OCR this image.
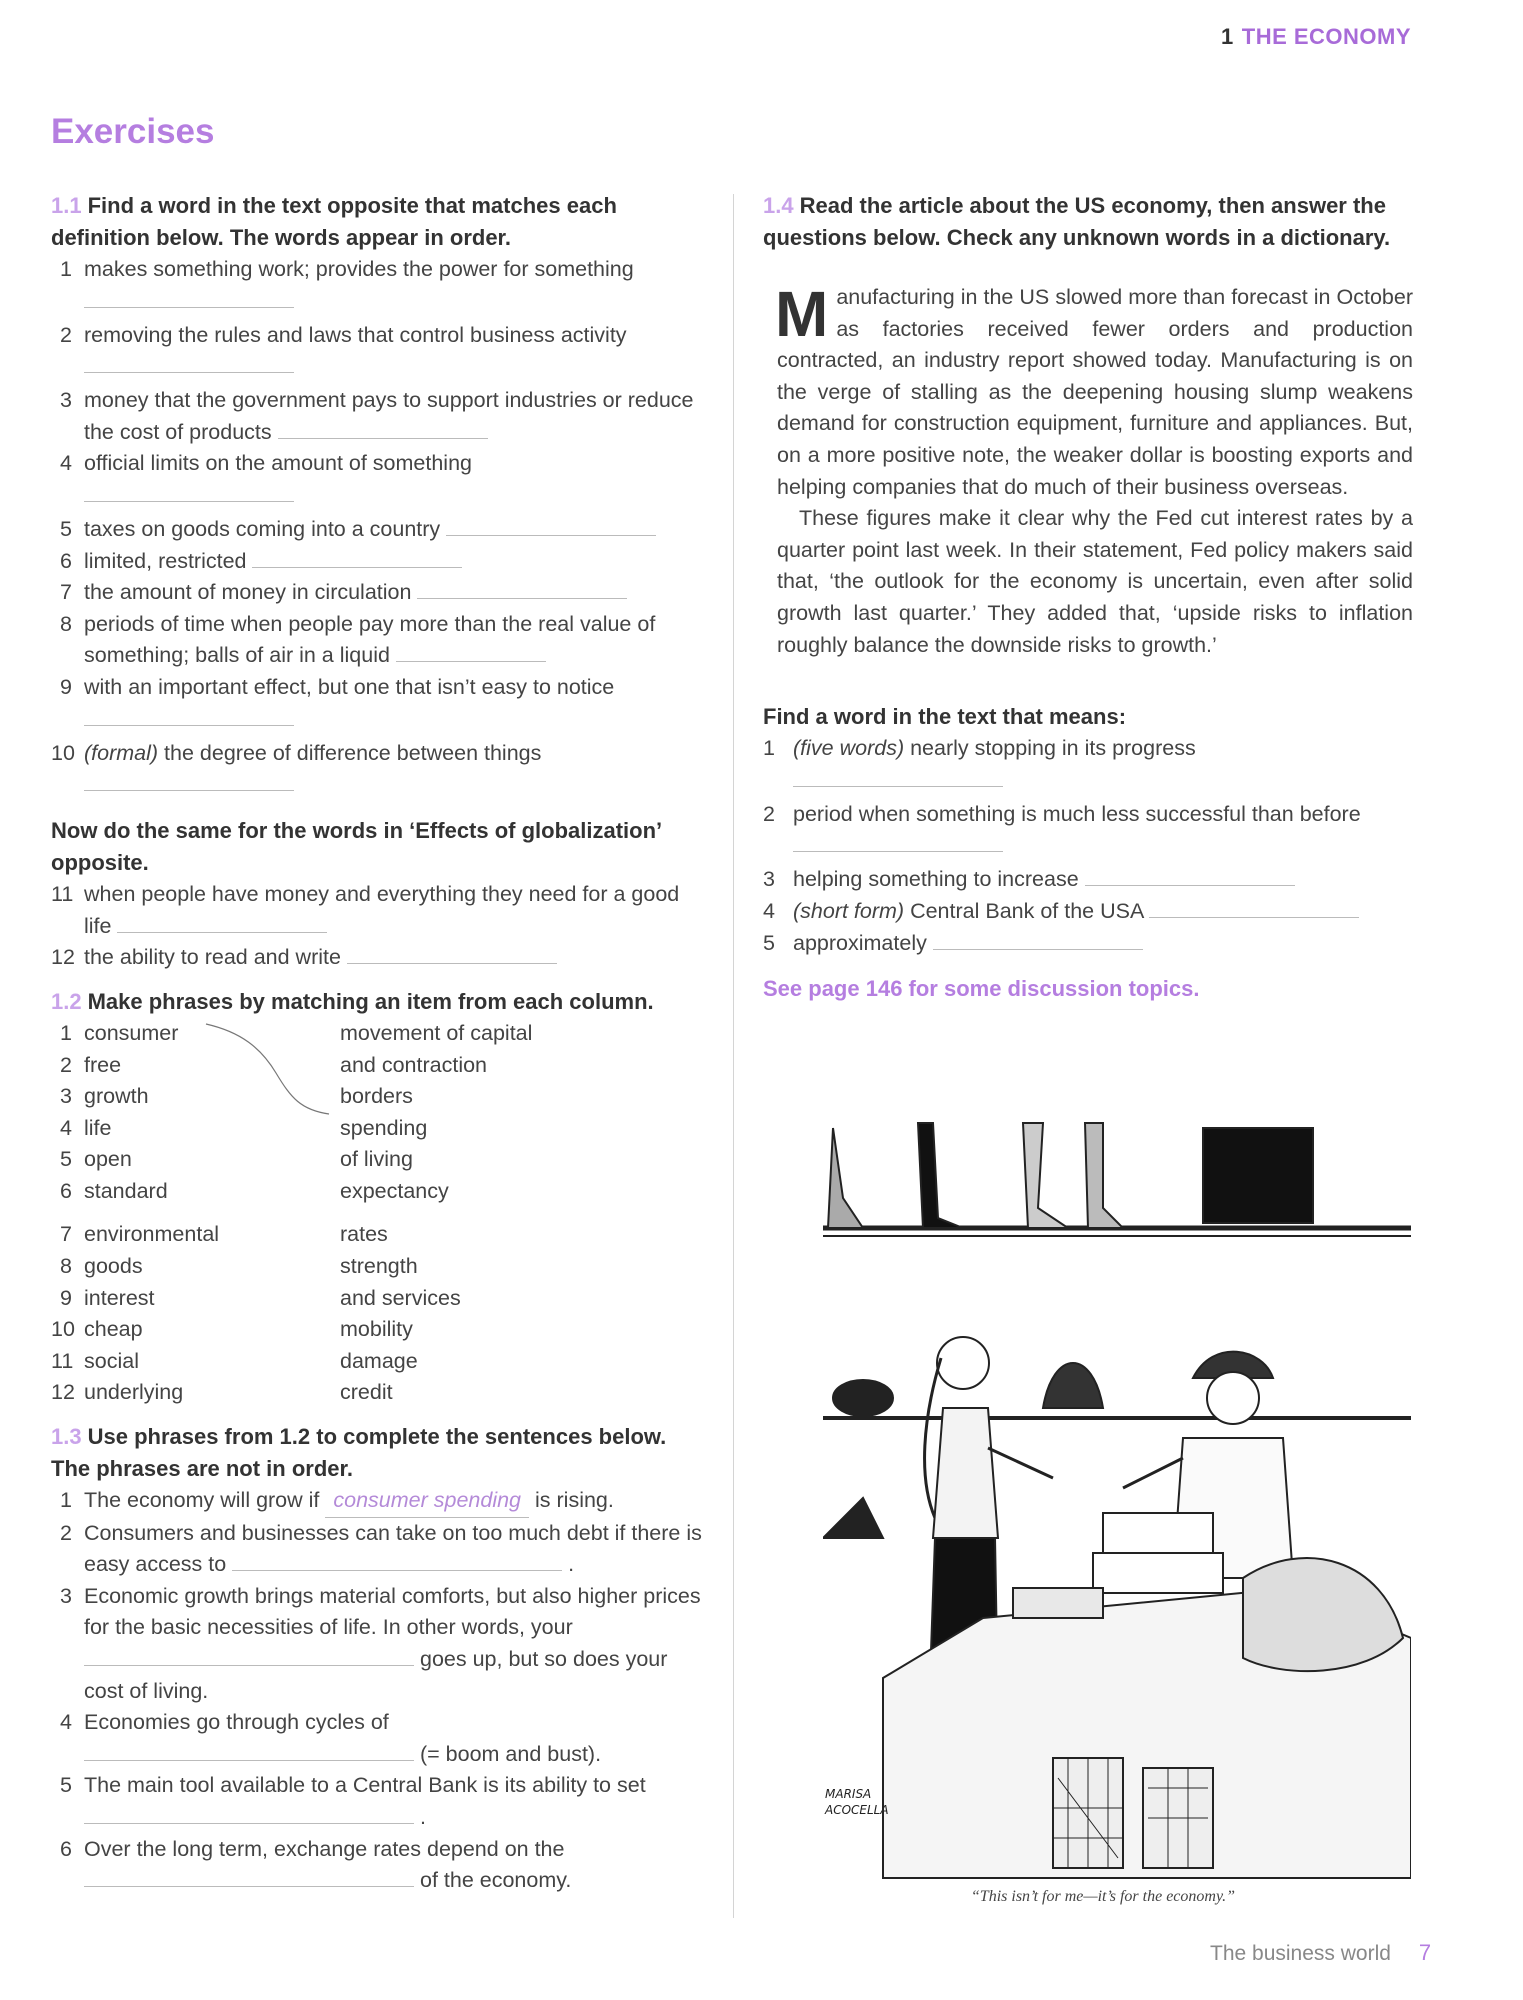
1 THE ECONOMY
Exercises
1.1 Find a word in the text opposite that matches each definition below. The words appear in order.
1 makes something work; provides the power for something
2 removing the rules and laws that control business activity
3 money that the government pays to support industries or reduce the cost of products
4 official limits on the amount of something
5 taxes on goods coming into a country
6 limited, restricted
7 the amount of money in circulation
8 periods of time when people pay more than the real value of something; balls of air in a liquid
9 with an important effect, but one that isn’t easy to notice
10 (formal) the degree of difference between things
Now do the same for the words in ‘Effects of globalization’ opposite.
11 when people have money and everything they need for a good life
12 the ability to read and write
1.2 Make phrases by matching an item from each column.
1 consumer	movement of capital
2 free	and contraction
3 growth	borders
4 life	spending
5 open	of living
6 standard	expectancy
7 environmental	rates
8 goods	strength
9 interest	and services
10 cheap	mobility
11 social	damage
12 underlying	credit
1.3 Use phrases from 1.2 to complete the sentences below. The phrases are not in order.
1 The economy will grow if consumer spending is rising.
2 Consumers and businesses can take on too much debt if there is easy access to	.
3 Economic growth brings material comforts, but also higher prices for the basic necessities of life. In other words, your  goes up, but so does your cost of living.
4 Economies go through cycles of
(= boom and bust).
5 The main tool available to a Central Bank is its ability to set
.
6 Over the long term, exchange rates depend on the
of the economy.
1.4 Read the article about the US economy, then answer the questions below. Check any unknown words in a dictionary.

Manufacturing in the US slowed more than forecast in October as factories received fewer orders and production contracted, an industry report showed today. Manufacturing is on the verge of stalling as the deepening housing slump weakens demand for construction equipment, furniture and appliances. But, on a more positive note, the weaker dollar is boosting exports and helping companies that do much of their business overseas.

These figures make it clear why the Fed cut interest rates by a quarter point last week. In their statement, Fed policy makers said that, ‘the outlook for the economy is uncertain, even after solid growth last quarter.’ They added that, ‘upside risks to inflation roughly balance the downside risks to growth.’

Find a word in the text that means:
1 (five words) nearly stopping in its progress
2 period when something is much less successful than before
3 helping something to increase
4 (short form) Central Bank of the USA
5 approximately
See page 146 for some discussion topics.
MARISA
ACOCELLA
“This isn’t for me—it’s for the economy.”
The business world 7
